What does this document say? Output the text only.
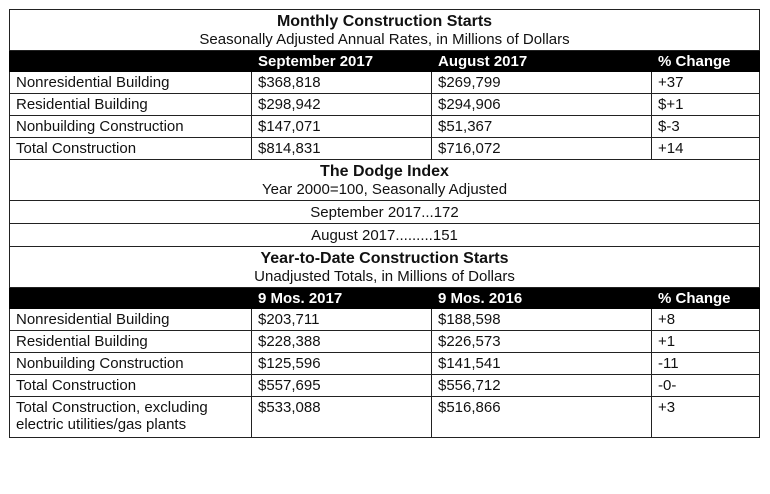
Monthly Construction Starts
Seasonally Adjusted Annual Rates, in Millions of Dollars			

	September 2017	August 2017	% Change
Nonresidential Building	$368,818	$269,799	+37
Residential Building	$298,942	$294,906	$+1
Nonbuilding Construction	$147,071	$51,367	$-3
Total Construction	$814,831	$716,072	+14

The Dodge Index
Year 2000=100, Seasonally Adjusted			

September 2017...172			
August 2017.........151			

Year-to-Date Construction Starts
Unadjusted Totals, in Millions of Dollars			

	9 Mos. 2017	9 Mos. 2016	% Change
Nonresidential Building	$203,711	$188,598	+8
Residential Building	$228,388	$226,573	+1
Nonbuilding Construction	$125,596	$141,541	-11
Total Construction	$557,695	$556,712	-0-
Total Construction, excluding electric utilities/gas plants	$533,088	$516,866	+3
